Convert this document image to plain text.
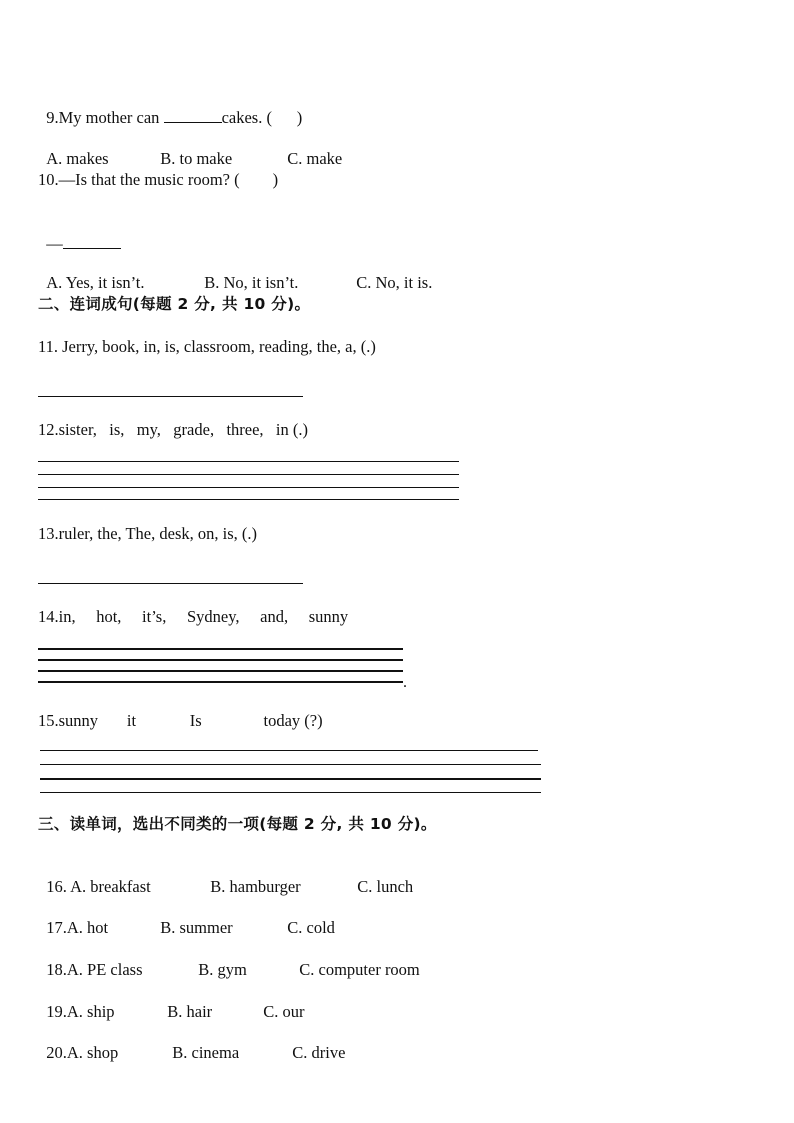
9.My mother can	cakes. (      )

A. makes	B. to make	C. make

10.—Is that the music room? (        )

—

A. Yes, it isn’t.	B. No, it isn’t.	C. No, it is.

二、连词成句(每题 2 分, 共 10 分)。
11. Jerry, book, in, is, classroom, reading, the, a, (.)
12.sister,   is,   my,   grade,   three,   in (.)
13.ruler, the, The, desk, on, is, (.)
14.in,     hot,     it’s,     Sydney,     and,     sunny
.
15.sunny       it             Is               today (?)
三、读单词，选出不同类的一项(每题 2 分, 共 10 分)。

16. A. breakfast	B. hamburger	C. lunch

17.A. hot	B. summer	C. cold

18.A. PE class	B. gym	C. computer room

19.A. ship	B. hair	C. our

20.A. shop	B. cinema	C. drive
